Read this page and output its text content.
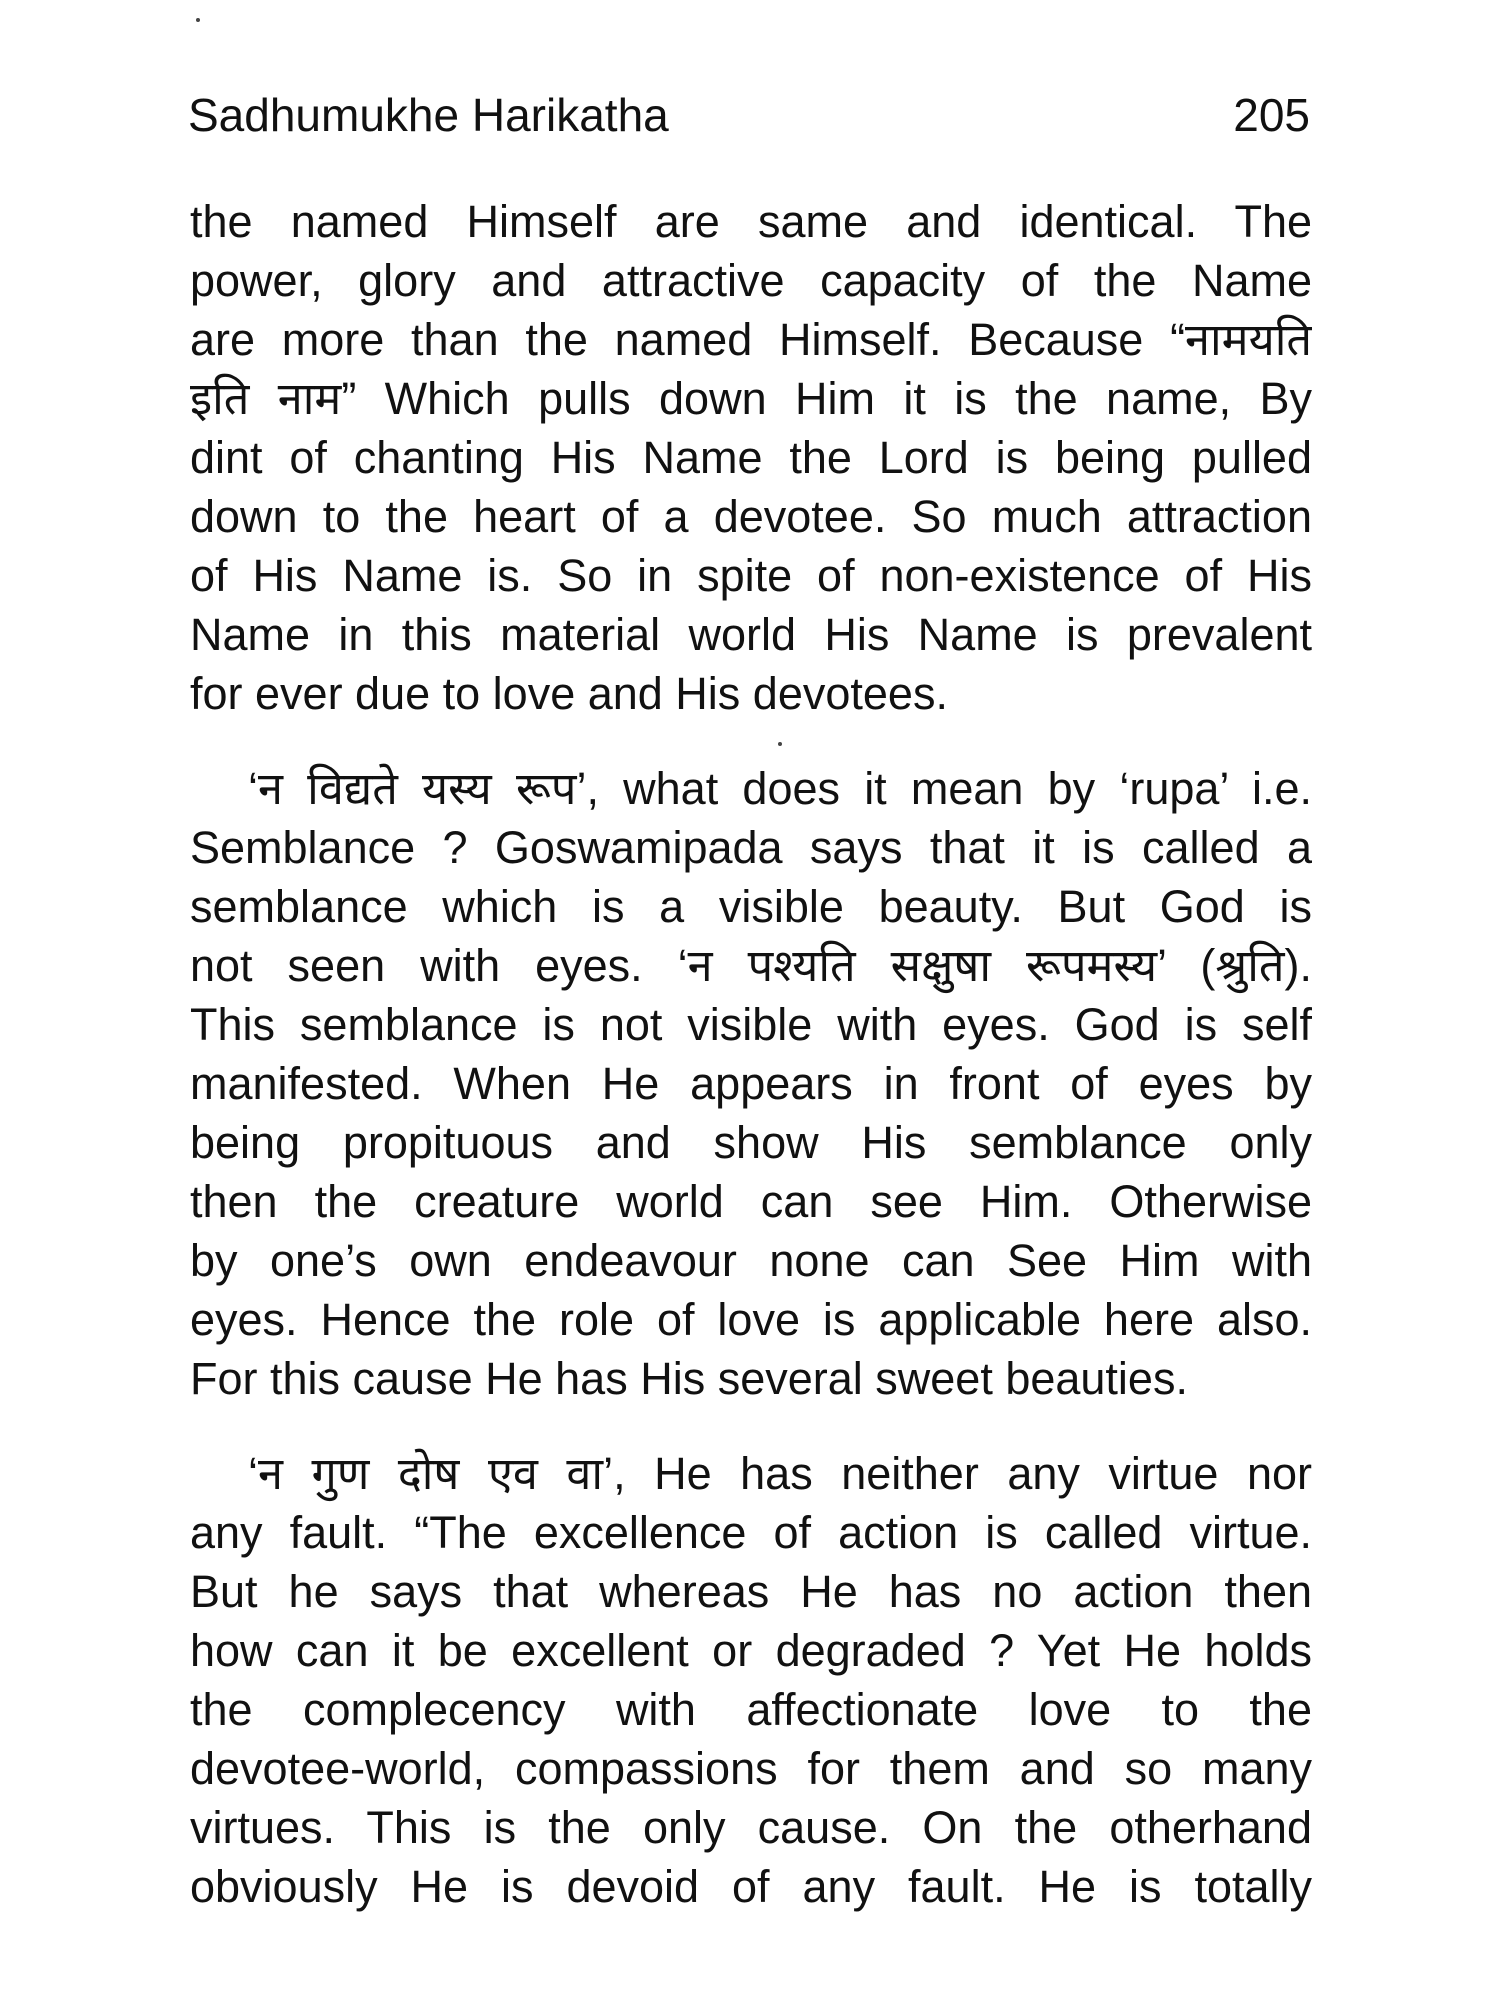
Sadhumukhe Harikatha	205
the named Himself are same and identical. The
power, glory and attractive capacity of the Name
are more than the named Himself. Because “नामयति
इति नाम” Which pulls down Him it is the name, By
dint of chanting His Name the Lord is being pulled
down to the heart of a devotee. So much attraction
of His Name is. So in spite of non-existence of His
Name in this material world His Name is prevalent
for ever due to love and His devotees.
‘न विद्यते यस्य रूप’, what does it mean by ‘rupa’ i.e.
Semblance ? Goswamipada says that it is called a
semblance which is a visible beauty. But God is
not seen with eyes. ‘न पश्यति सक्षुषा रूपमस्य’ (श्रुति).
This semblance is not visible with eyes. God is self
manifested. When He appears in front of eyes by
being propituous and show His semblance only
then the creature world can see Him. Otherwise
by one’s own endeavour none can See Him with
eyes. Hence the role of love is applicable here also.
For this cause He has His several sweet beauties.
‘न गुण दोष एव वा’, He has neither any virtue nor
any fault. “The excellence of action is called virtue.
But he says that whereas He has no action then
how can it be excellent or degraded ? Yet He holds
the complecency with affectionate love to the
devotee-world, compassions for them and so many
virtues. This is the only cause. On the otherhand
obviously He is devoid of any fault. He is totally
